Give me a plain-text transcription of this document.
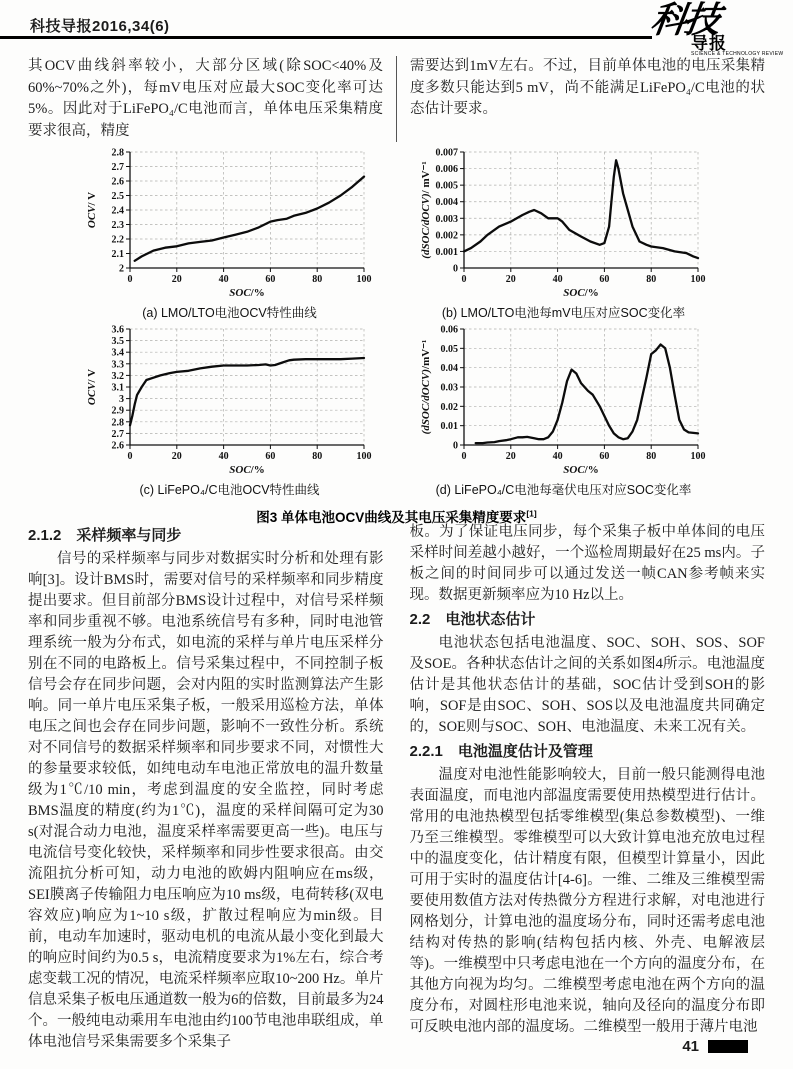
科技导报2016,34(6)	科技
导报
SCIENCE & TECHNOLOGY REVIEW

其OCV曲线斜率较小，大部分区域(除SOC<40%及60%~70%之外)，每mV电压对应最大SOC变化率可达5%。因此对于LiFePO₄/C电池而言，单体电压采集精度要求很高，精度

需要达到1mV左右。不过，目前单体电池的电压采集精度多数只能达到5 mV，尚不能满足LiFePO₄/C电池的状态估计要求。

0	20	40	60	80	100
2
2.1
2.2
2.3
2.4
2.5
2.6
2.7
2.8
SOC/%
OCV/ V
(a) LMO/LTO电池OCV特性曲线
0	20	40	60	80	100
0
0.001
0.002
0.003
0.004
0.005
0.006
0.007
SOC/%
(dSOC/dOCV)/ mV⁻¹
(b) LMO/LTO电池每mV电压对应SOC变化率
0	20	40	60	80	100
2.6
2.7
2.8
2.9
3
3.1
3.2
3.3
3.4
3.5
3.6
SOC/%
OCV/ V
(c) LiFePO₄/C电池OCV特性曲线
0	20	40	60	80	100
0
0.01
0.02
0.03
0.04
0.05
0.06
SOC/%
(dSOC/dOCV)/mV⁻¹
(d) LiFePO₄/C电池每毫伏电压对应SOC变化率
图3 单体电池OCV曲线及其电压采集精度要求[1]
2.1.2　采样频率与同步

信号的采样频率与同步对数据实时分析和处理有影响[3]。设计BMS时，需要对信号的采样频率和同步精度提出要求。但目前部分BMS设计过程中，对信号采样频率和同步重视不够。电池系统信号有多种，同时电池管理系统一般为分布式，如电流的采样与单片电压采样分别在不同的电路板上。信号采集过程中，不同控制子板信号会存在同步问题，会对内阻的实时监测算法产生影响。同一单片电压采集子板，一般采用巡检方法，单体电压之间也会存在同步问题，影响不一致性分析。系统对不同信号的数据采样频率和同步要求不同，对惯性大的参量要求较低，如纯电动车电池正常放电的温升数量级为1℃/10 min，考虑到温度的安全监控，同时考虑BMS温度的精度(约为1℃)，温度的采样间隔可定为30 s(对混合动力电池，温度采样率需要更高一些)。电压与电流信号变化较快，采样频率和同步性要求很高。由交流阻抗分析可知，动力电池的欧姆内阻响应在ms级，SEI膜离子传输阻力电压响应为10 ms级，电荷转移(双电容效应)响应为1~10 s级，扩散过程响应为min级。目前，电动车加速时，驱动电机的电流从最小变化到最大的响应时间约为0.5 s，电流精度要求为1%左右，综合考虑变载工况的情况，电流采样频率应取10~200 Hz。单片信息采集子板电压通道数一般为6的倍数，目前最多为24个。一般纯电动乘用车电池由约100节电池串联组成，单体电池信号采集需要多个采集子

板。为了保证电压同步，每个采集子板中单体间的电压采样时间差越小越好，一个巡检周期最好在25 ms内。子板之间的时间同步可以通过发送一帧CAN参考帧来实现。数据更新频率应为10 Hz以上。

2.2　电池状态估计

电池状态包括电池温度、SOC、SOH、SOS、SOF及SOE。各种状态估计之间的关系如图4所示。电池温度估计是其他状态估计的基础，SOC估计受到SOH的影响，SOF是由SOC、SOH、SOS以及电池温度共同确定的，SOE则与SOC、SOH、电池温度、未来工况有关。

2.2.1　电池温度估计及管理

温度对电池性能影响较大，目前一般只能测得电池表面温度，而电池内部温度需要使用热模型进行估计。常用的电池热模型包括零维模型(集总参数模型)、一维乃至三维模型。零维模型可以大致计算电池充放电过程中的温度变化，估计精度有限，但模型计算量小，因此可用于实时的温度估计[4-6]。一维、二维及三维模型需要使用数值方法对传热微分方程进行求解，对电池进行网格划分，计算电池的温度场分布，同时还需考虑电池结构对传热的影响(结构包括内核、外壳、电解液层等)。一维模型中只考虑电池在一个方向的温度分布，在其他方向视为均匀。二维模型考虑电池在两个方向的温度分布，对圆柱形电池来说，轴向及径向的温度分布即可反映电池内部的温度场。二维模型一般用于薄片电池

41
